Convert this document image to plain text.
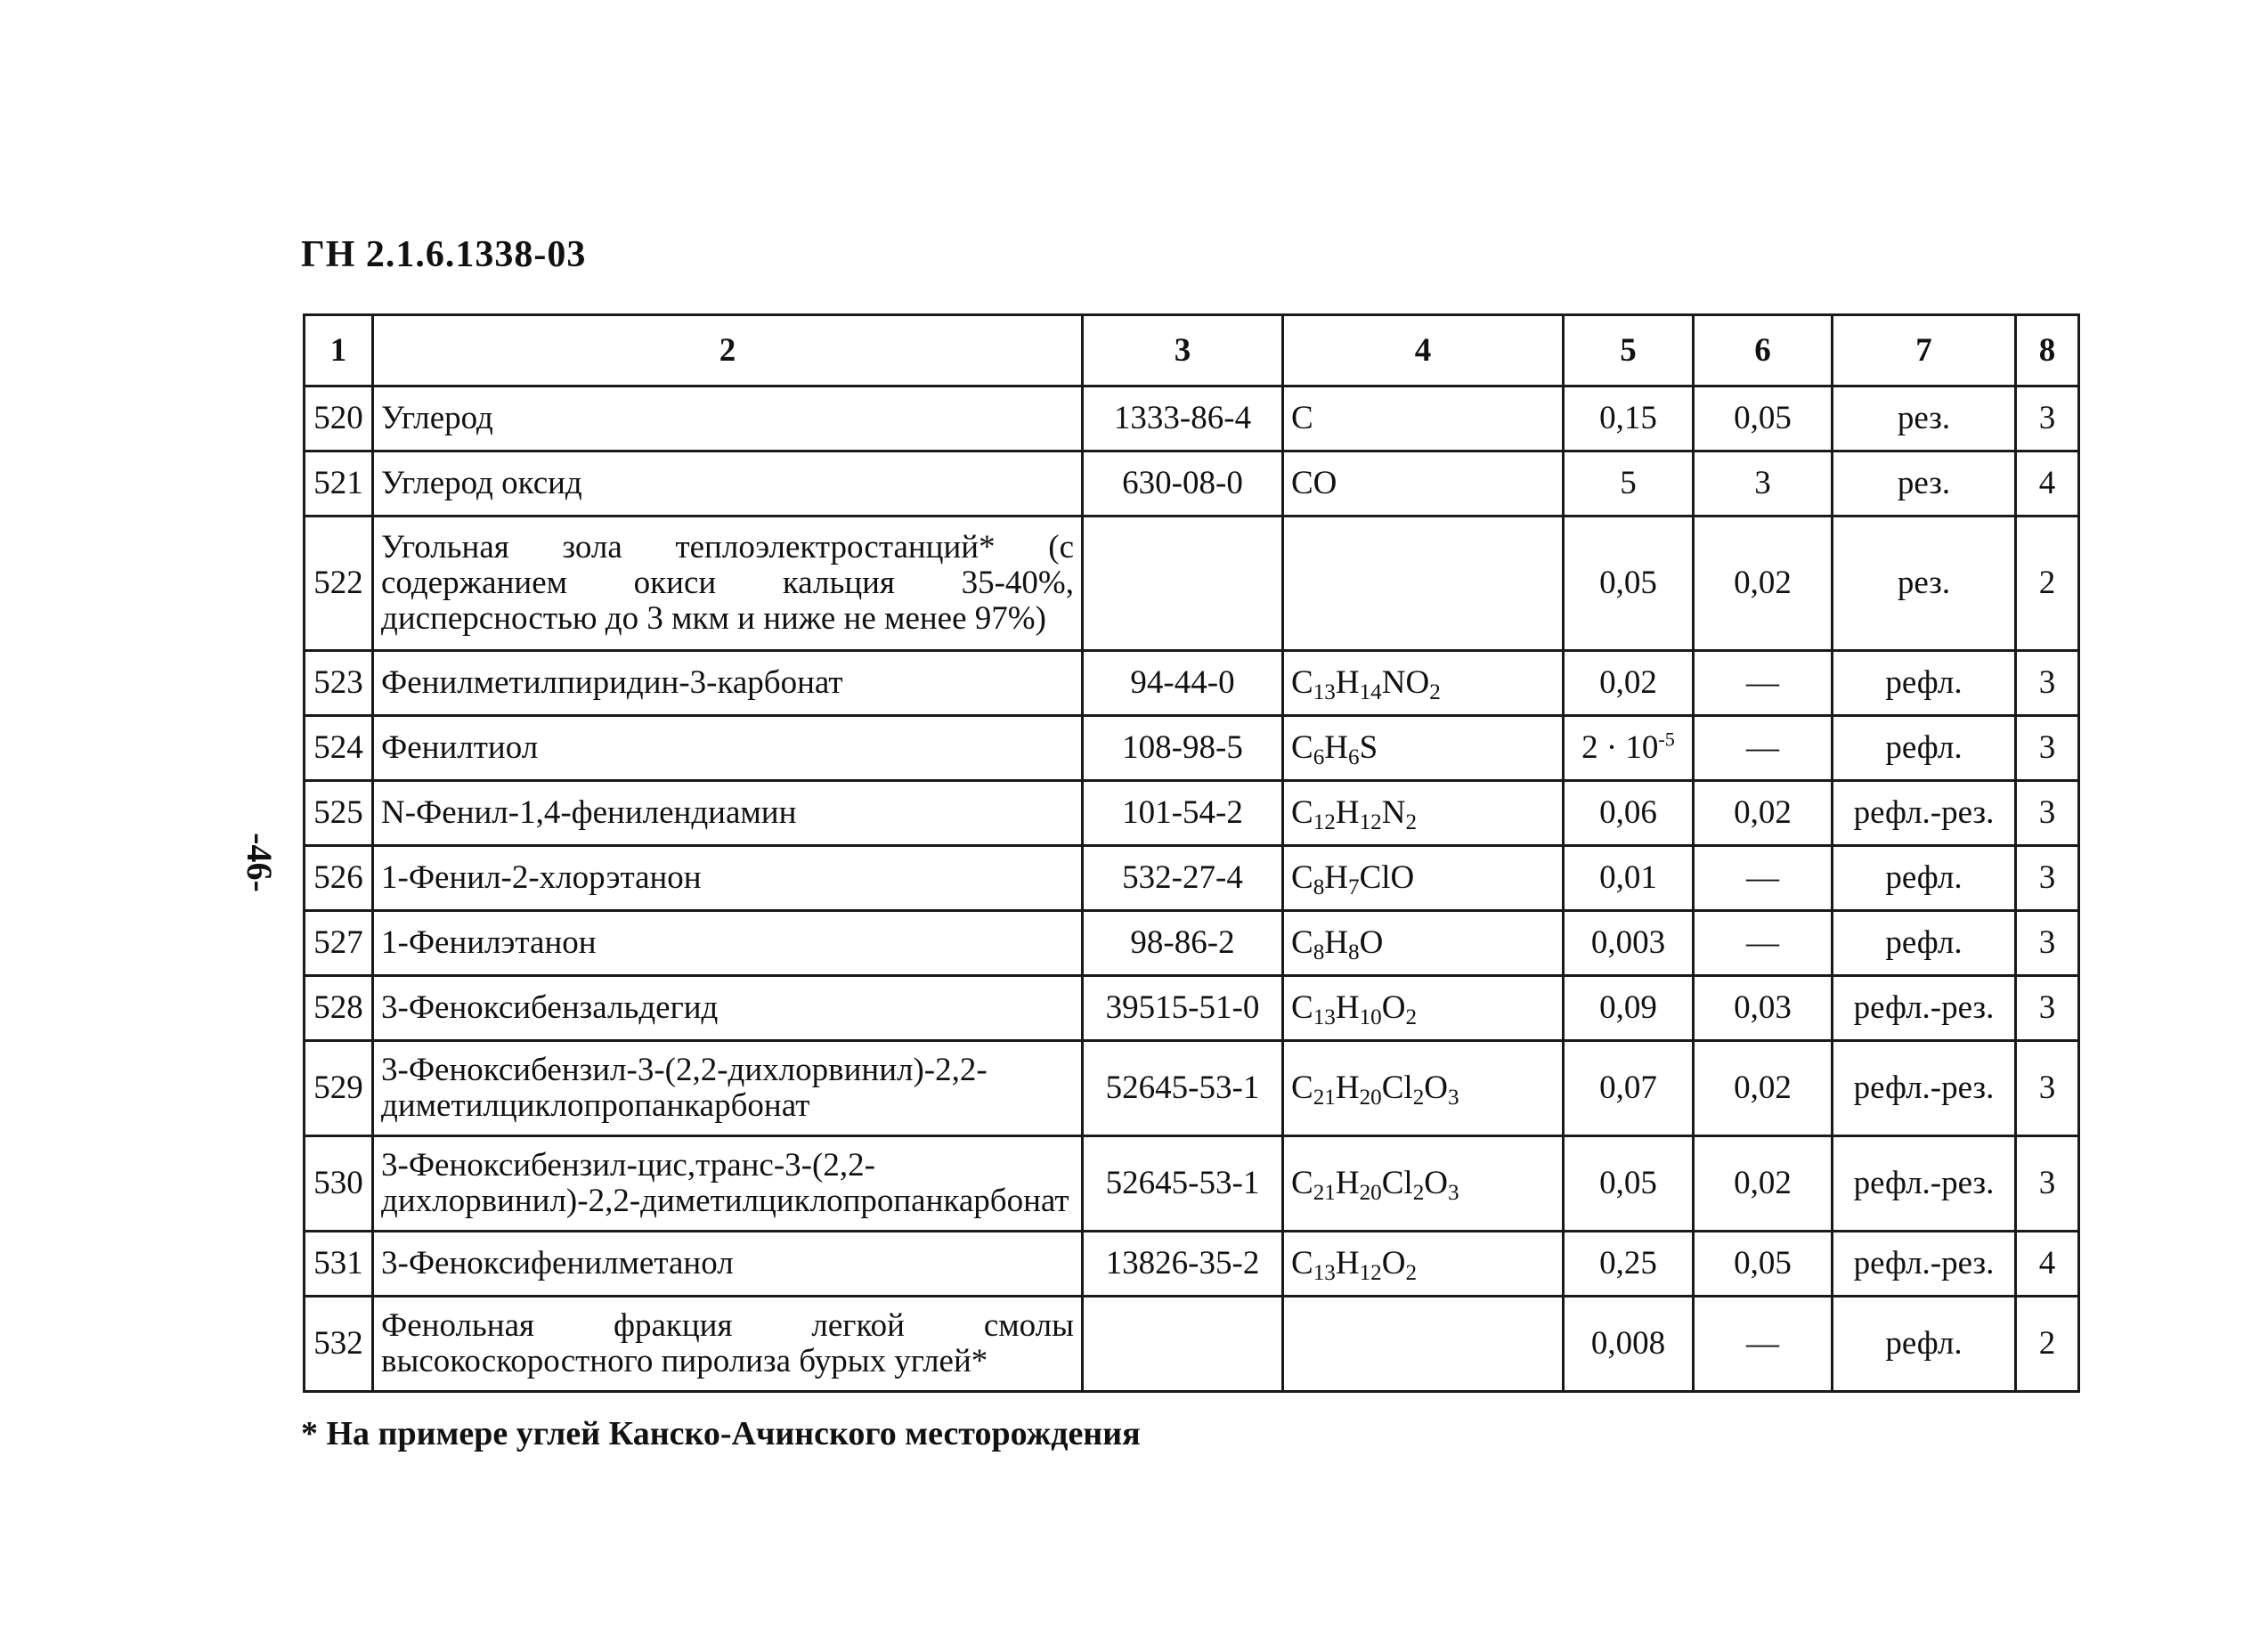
ГН 2.1.6.1338-03
-46-
1	2	3	4	5	6	7	8
520	Углерод	1333-86-4	C	0,15	0,05	рез.	3
521	Углерод оксид	630-08-0	CO	5	3	рез.	4
522	Угольная зола теплоэлектростанций* (с содержанием окиси кальция 35-40%, дисперсностью до 3 мкм и ниже не менее 97%)			0,05	0,02	рез.	2
523	Фенилметилпиридин-3-карбонат	94-44-0	$C_{13}H_{14}NO_2$	0,02	—	рефл.	3
524	Фенилтиол	108-98-5	$C_6H_6S$	$2 \cdot 10^{-5}$	—	рефл.	3
525	N-Фенил-1,4-фенилендиамин	101-54-2	$C_{12}H_{12}N_2$	0,06	0,02	рефл.-рез.	3
526	1-Фенил-2-хлорэтанон	532-27-4	$C_8H_7ClO$	0,01	—	рефл.	3
527	1-Фенилэтанон	98-86-2	$C_8H_8O$	0,003	—	рефл.	3
528	3-Феноксибензальдегид	39515-51-0	$C_{13}H_{10}O_2$	0,09	0,03	рефл.-рез.	3
529	3-Феноксибензил-3-(2,2-дихлорвинил)-2,2-диметилциклопропанкарбонат	52645-53-1	$C_{21}H_{20}Cl_2O_3$	0,07	0,02	рефл.-рез.	3
530	3-Феноксибензил-цис,транс-3-(2,2-дихлорвинил)-2,2-диметилциклопропанкарбонат	52645-53-1	$C_{21}H_{20}Cl_2O_3$	0,05	0,02	рефл.-рез.	3
531	3-Феноксифенилметанол	13826-35-2	$C_{13}H_{12}O_2$	0,25	0,05	рефл.-рез.	4
532	Фенольная фракция легкой смолы высокоскоростного пиролиза бурых углей*			0,008	—	рефл.	2
* На примере углей Канско-Ачинского месторождения
